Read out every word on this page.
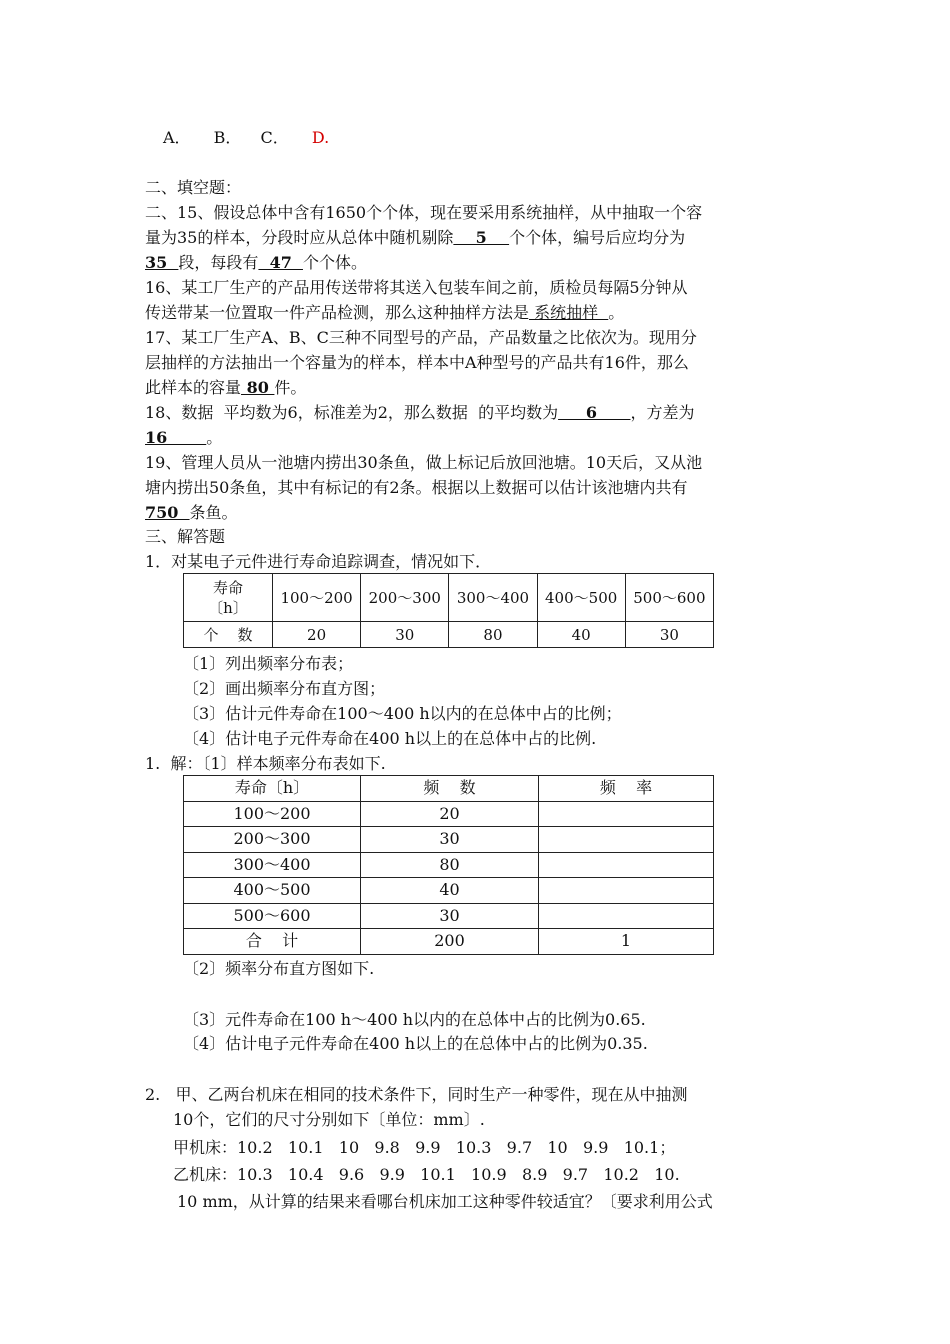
A． B． C． D.
二、填空题：
二、15、假设总体中含有1650个个体，现在要采用系统抽样，从中抽取一个容
量为35的样本，分段时应从总体中随机剔除    5    个个体，编号后应均分为
35  段，每段有  47  个个体。
16、某工厂生产的产品用传送带将其送入包装车间之前，质检员每隔5分钟从
传送带某一位置取一件产品检测，那么这种抽样方法是 系统抽样  。
17、某工厂生产A、B、C三种不同型号的产品，产品数量之比依次为。现用分
层抽样的方法抽出一个容量为的样本，样本中A种型号的产品共有16件，那么
此样本的容量 80 件。
18、数据  平均数为6，标准差为2，那么数据  的平均数为     6      ，方差为
16       。
19、管理人员从一池塘内捞出30条鱼，做上标记后放回池塘。10天后，又从池
塘内捞出50条鱼，其中有标记的有2条。根据以上数据可以估计该池塘内共有
750  条鱼。
三、解答题
1．对某电子元件进行寿命追踪调查，情况如下．
寿命
〔h〕	100～200	200～300	300～400	400～500	500～600
个    数	20	30	80	40	30
〔1〕列出频率分布表；
〔2〕画出频率分布直方图；
〔3〕估计元件寿命在100～400 h以内的在总体中占的比例；
〔4〕估计电子元件寿命在400 h以上的在总体中占的比例.
1.  解：〔1〕样本频率分布表如下.
寿命〔h〕	频    数	频    率
100～200	20	
200～300	30	
300～400	80	
400～500	40	
500～600	30	
合    计	200	1
〔2〕频率分布直方图如下.
〔3〕元件寿命在100 h～400 h以内的在总体中占的比例为0.65.
〔4〕估计电子元件寿命在400 h以上的在总体中占的比例为0.35.
2.   甲、乙两台机床在相同的技术条件下，同时生产一种零件，现在从中抽测
10个，它们的尺寸分别如下〔单位：mm〕.
甲机床：10.2   10.1   10   9.8   9.9   10.3   9.7   10   9.9   10.1；
乙机床：10.3   10.4   9.6   9.9   10.1   10.9   8.9   9.7   10.2   10.
10 mm，从计算的结果来看哪台机床加工这种零件较适宜？〔要求利用公式
